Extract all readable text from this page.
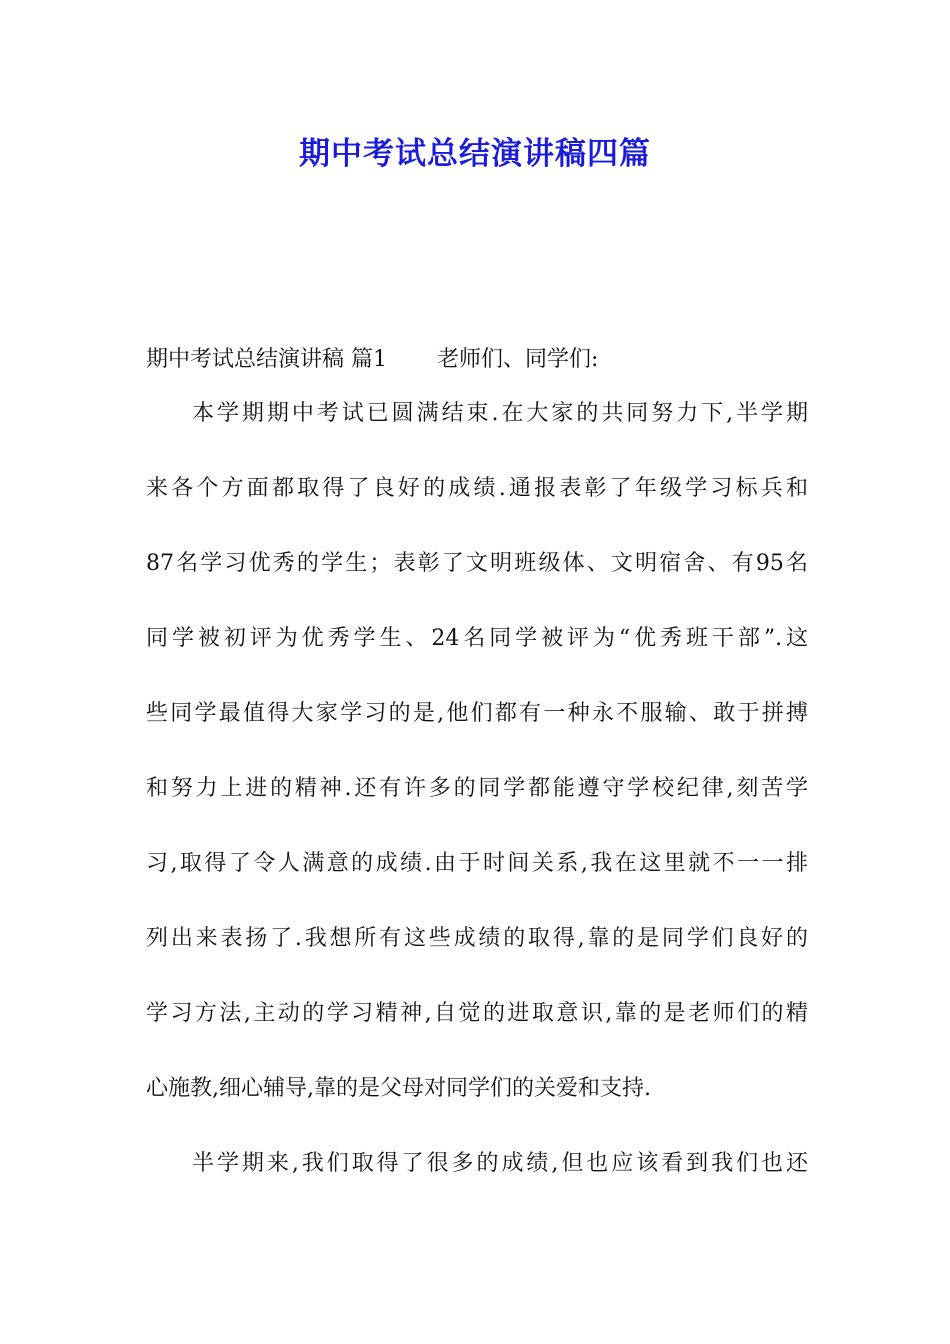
期中考试总结演讲稿四篇

期中考试总结演讲稿 篇1 老师们、同学们:

本学期期中考试已圆满结束.在大家的共同努力下,半学期

来各个方面都取得了良好的成绩.通报表彰了年级学习标兵和

87名学习优秀的学生；表彰了文明班级体、文明宿舍、有95名

同学被初评为优秀学生、24名同学被评为“优秀班干部”.这

些同学最值得大家学习的是,他们都有一种永不服输、敢于拼搏

和努力上进的精神.还有许多的同学都能遵守学校纪律,刻苦学

习,取得了令人满意的成绩.由于时间关系,我在这里就不一一排

列出来表扬了.我想所有这些成绩的取得,靠的是同学们良好的

学习方法,主动的学习精神,自觉的进取意识,靠的是老师们的精

心施教,细心辅导,靠的是父母对同学们的关爱和支持.

半学期来,我们取得了很多的成绩,但也应该看到我们也还
